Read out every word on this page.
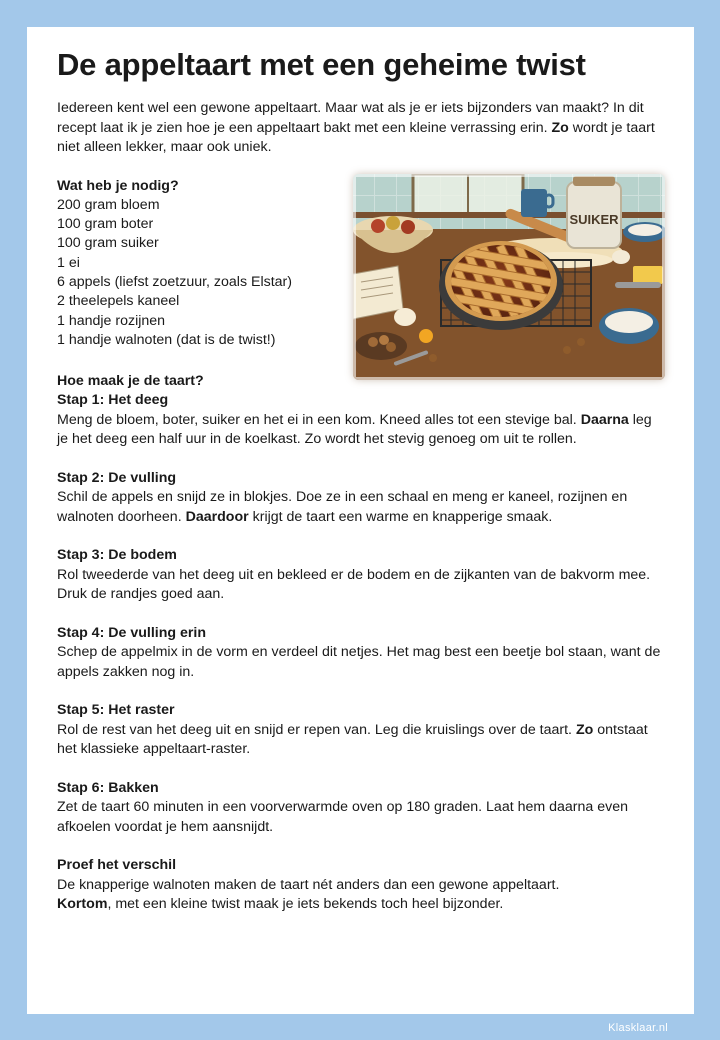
De appeltaart met een geheime twist

Iedereen kent wel een gewone appeltaart. Maar wat als je er iets bijzonders van maakt? In dit recept laat ik je zien hoe je een appeltaart bakt met een kleine verrassing erin. Zo wordt je taart niet alleen lekker, maar ook uniek.

Wat heb je nodig?

200 gram bloem

100 gram boter

100 gram suiker

1 ei

6 appels (liefst zoetzuur, zoals Elstar)

2 theelepels kaneel

1 handje rozijnen

1 handje walnoten (dat is de twist!)

SUIKER

Hoe maak je de taart?

Stap 1: Het deeg

Meng de bloem, boter, suiker en het ei in een kom. Kneed alles tot een stevige bal. Daarna leg je het deeg een half uur in de koelkast. Zo wordt het stevig genoeg om uit te rollen.

Stap 2: De vulling

Schil de appels en snijd ze in blokjes. Doe ze in een schaal en meng er kaneel, rozijnen en walnoten doorheen. Daardoor krijgt de taart een warme en knapperige smaak.

Stap 3: De bodem

Rol tweederde van het deeg uit en bekleed er de bodem en de zijkanten van de bakvorm mee. Druk de randjes goed aan.

Stap 4: De vulling erin

Schep de appelmix in de vorm en verdeel dit netjes. Het mag best een beetje bol staan, want de appels zakken nog in.

Stap 5: Het raster

Rol de rest van het deeg uit en snijd er repen van. Leg die kruislings over de taart. Zo ontstaat het klassieke appeltaart-raster.

Stap 6: Bakken

Zet de taart 60 minuten in een voorverwarmde oven op 180 graden. Laat hem daarna even afkoelen voordat je hem aansnijdt.

Proef het verschil

De knapperige walnoten maken de taart nét anders dan een gewone appeltaart.
Kortom, met een kleine twist maak je iets bekends toch heel bijzonder.

Klasklaar.nl
